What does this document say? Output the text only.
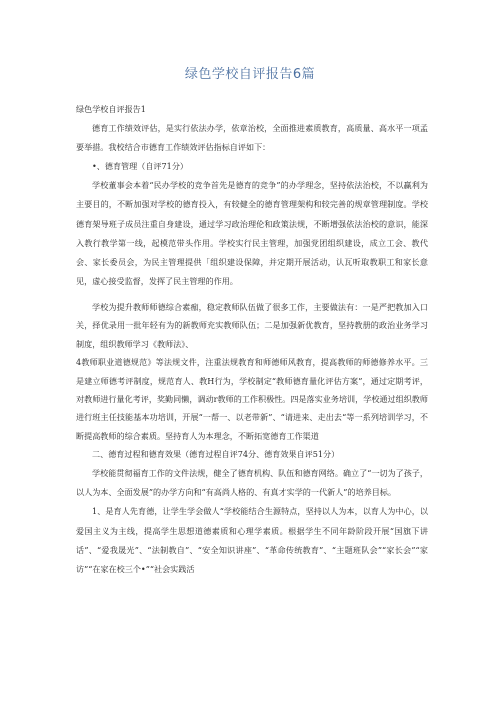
绿色学校自评报告6篇

绿色学校自评报告1

德育工作绩效评估，是实行依法办学，依章治校，全面推进素质教育，高质量、高水平一项孟要举措。我校结合市德育工作绩效评估指标自评如下：

•、德育管理（自评71分）

学校董事会本着“民办学校的竞争首先是德育的竞争”的办学理念，坚持依法治校，不以赢利为主要目的，不断加强对学校的德育投入，有较健全的德育管理架构和较完善的规章管理制度。学校德育架导班子成员注重自身建设，通过学习政治理伦和政策法规，不断增强依法治校的意识，能深入教行教学第一线，起模范带头作用。学校实行民主管理，加强党团组织建设，成立工会、教代会、家长委员会，为民主管理提供「组织建设保障，并定期开展活动，认瓦听取教职工和家长意见，虚心接受监督，发挥了民主管理的作用。

学校为提升教师师德综合素痂，稳定教师队伍做了很多工作，主要做法有：一是严把教加入口关，择优录用一批年轻有为的新教师充实教师队伍；二是加强新优教育，坚持教册的政治业务学习制度，组织教师学习《教师法》、

4教师职业道德规范》等法规文件，注重法规教育和师德师风教育，提高教师的师德修养水平。三是建立师德考评制度，规范育人、教H行为，学校制定“教师德育量化评估方案”，通过定期考评，对教师进行量化考评，奖勤同懒，调动r教师的工作积极性。四是落实业务培训，学校通过组织教师进行班主任技能基本功培训，开展“一帮一、以老带新”、“请进来、走出去“等一系列培训学习，不断提高教师的综合素质。坚持育人为本理念，不断拓宽德育工作渠道

二、德育过程和德育效果（德育过程自评74分、德育效果自评51分）

学校能贯彻福育工作的文件法规，健全了德育机构、队伍和德育网络。确立了“一切为了孩子，以人为本、全面发展”的办学方向和“有高尚人格的、有真才实学的一代新人”的培养目标。

1、是育人先育德，让学生学会做人“学校能结合生源特点，坚持以人为本，以育人为中心，以爱国主义为主线，提高学生思想道德素质和心理学素质。根据学生不同年龄阶段开展“国旗下讲话”、“爱我晟光”、“法制教自”、“安全知识讲座”、“革命传统教育”、“主题班队会”“家长会”“家访”“在家在校三个•”“社会实践活
